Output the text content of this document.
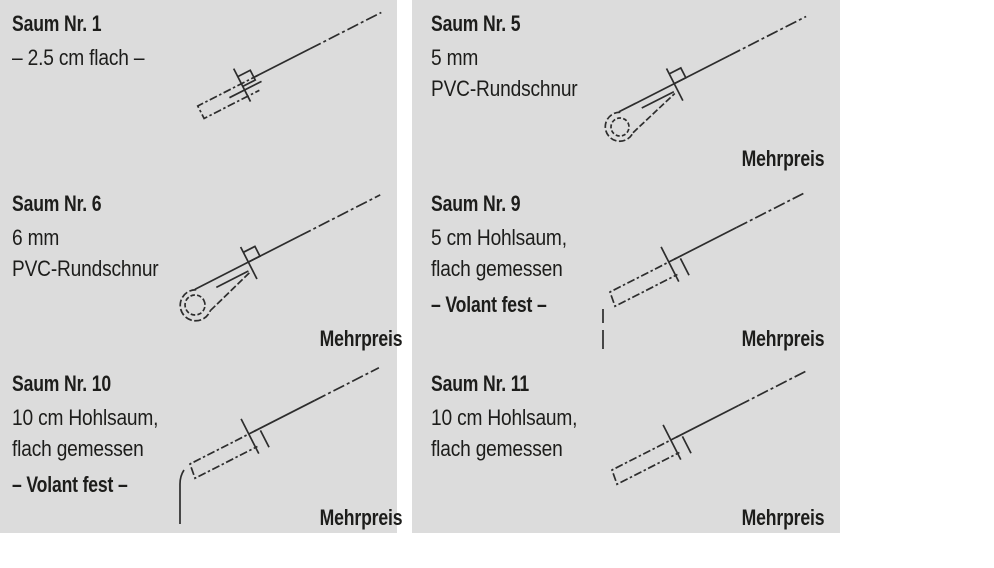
Saum Nr. 1
– 2.5 cm flach –
Saum Nr. 6
6 mm
PVC-Rundschnur
Mehrpreis
Saum Nr. 10
10 cm Hohlsaum,
flach gemessen
– Volant fest –
Mehrpreis
Saum Nr. 5
5 mm
PVC-Rundschnur
Mehrpreis
Saum Nr. 9
5 cm Hohlsaum,
flach gemessen
– Volant fest –
Mehrpreis
Saum Nr. 11
10 cm Hohlsaum,
flach gemessen
Mehrpreis
